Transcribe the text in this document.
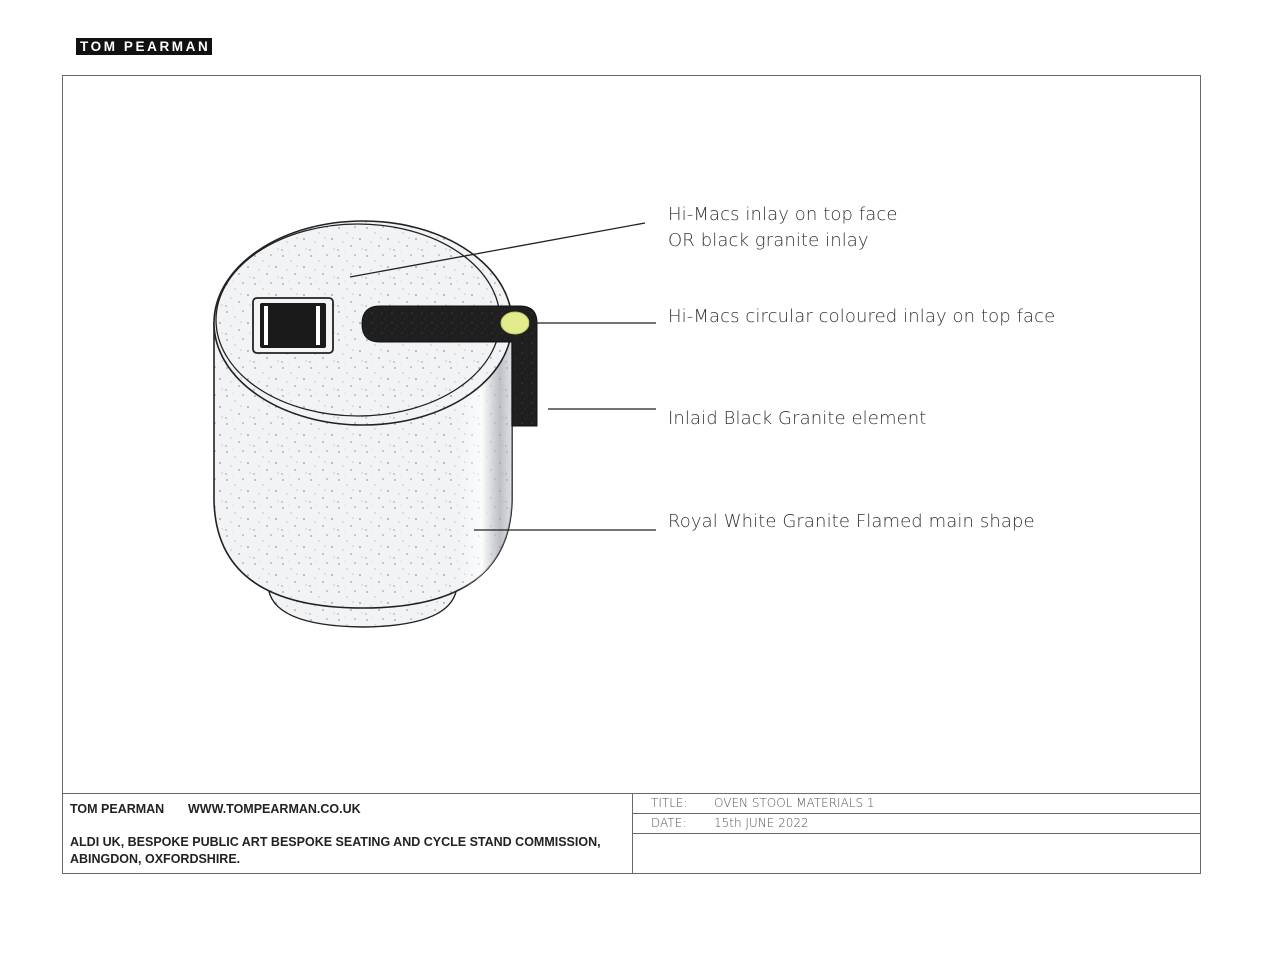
TOM PEARMAN
Hi-Macs inlay on top face
OR black granite inlay
Hi-Macs circular coloured inlay on top face
Inlaid Black Granite element
Royal White Granite Flamed main shape
TOM PEARMAN WWW.TOMPEARMAN.CO.UK
ALDI UK, BESPOKE PUBLIC ART BESPOKE SEATING AND CYCLE STAND COMMISSION,
ABINGDON, OXFORDSHIRE.
TITLE: OVEN STOOL MATERIALS 1
DATE: 15th JUNE 2022
